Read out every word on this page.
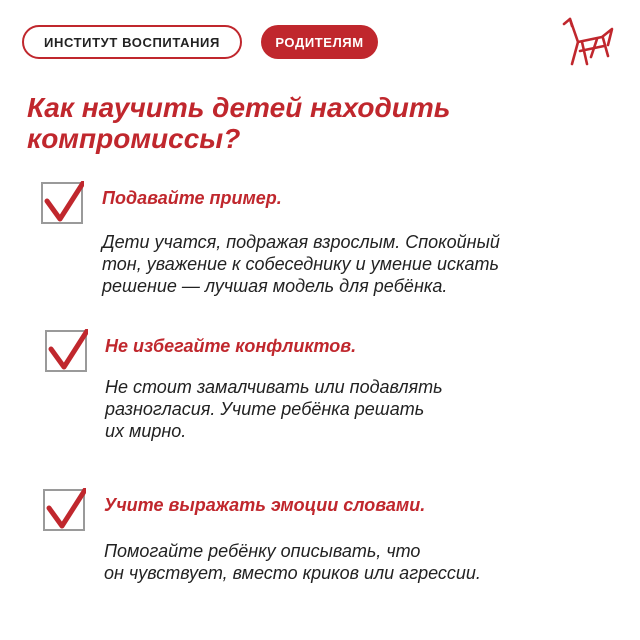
ИНСТИТУТ ВОСПИТАНИЯ	РОДИТЕЛЯМ
Как научить детей находить компромиссы?

Подавайте пример.

Дети учатся, подражая взрослым. Спокойный
тон, уважение к собеседнику и умение искать
решение — лучшая модель для ребёнка.

Не избегайте конфликтов.

Не стоит замалчивать или подавлять
разногласия. Учите ребёнка решать
их мирно.

Учите выражать эмоции словами.

Помогайте ребёнку описывать, что
он чувствует, вместо криков или агрессии.
